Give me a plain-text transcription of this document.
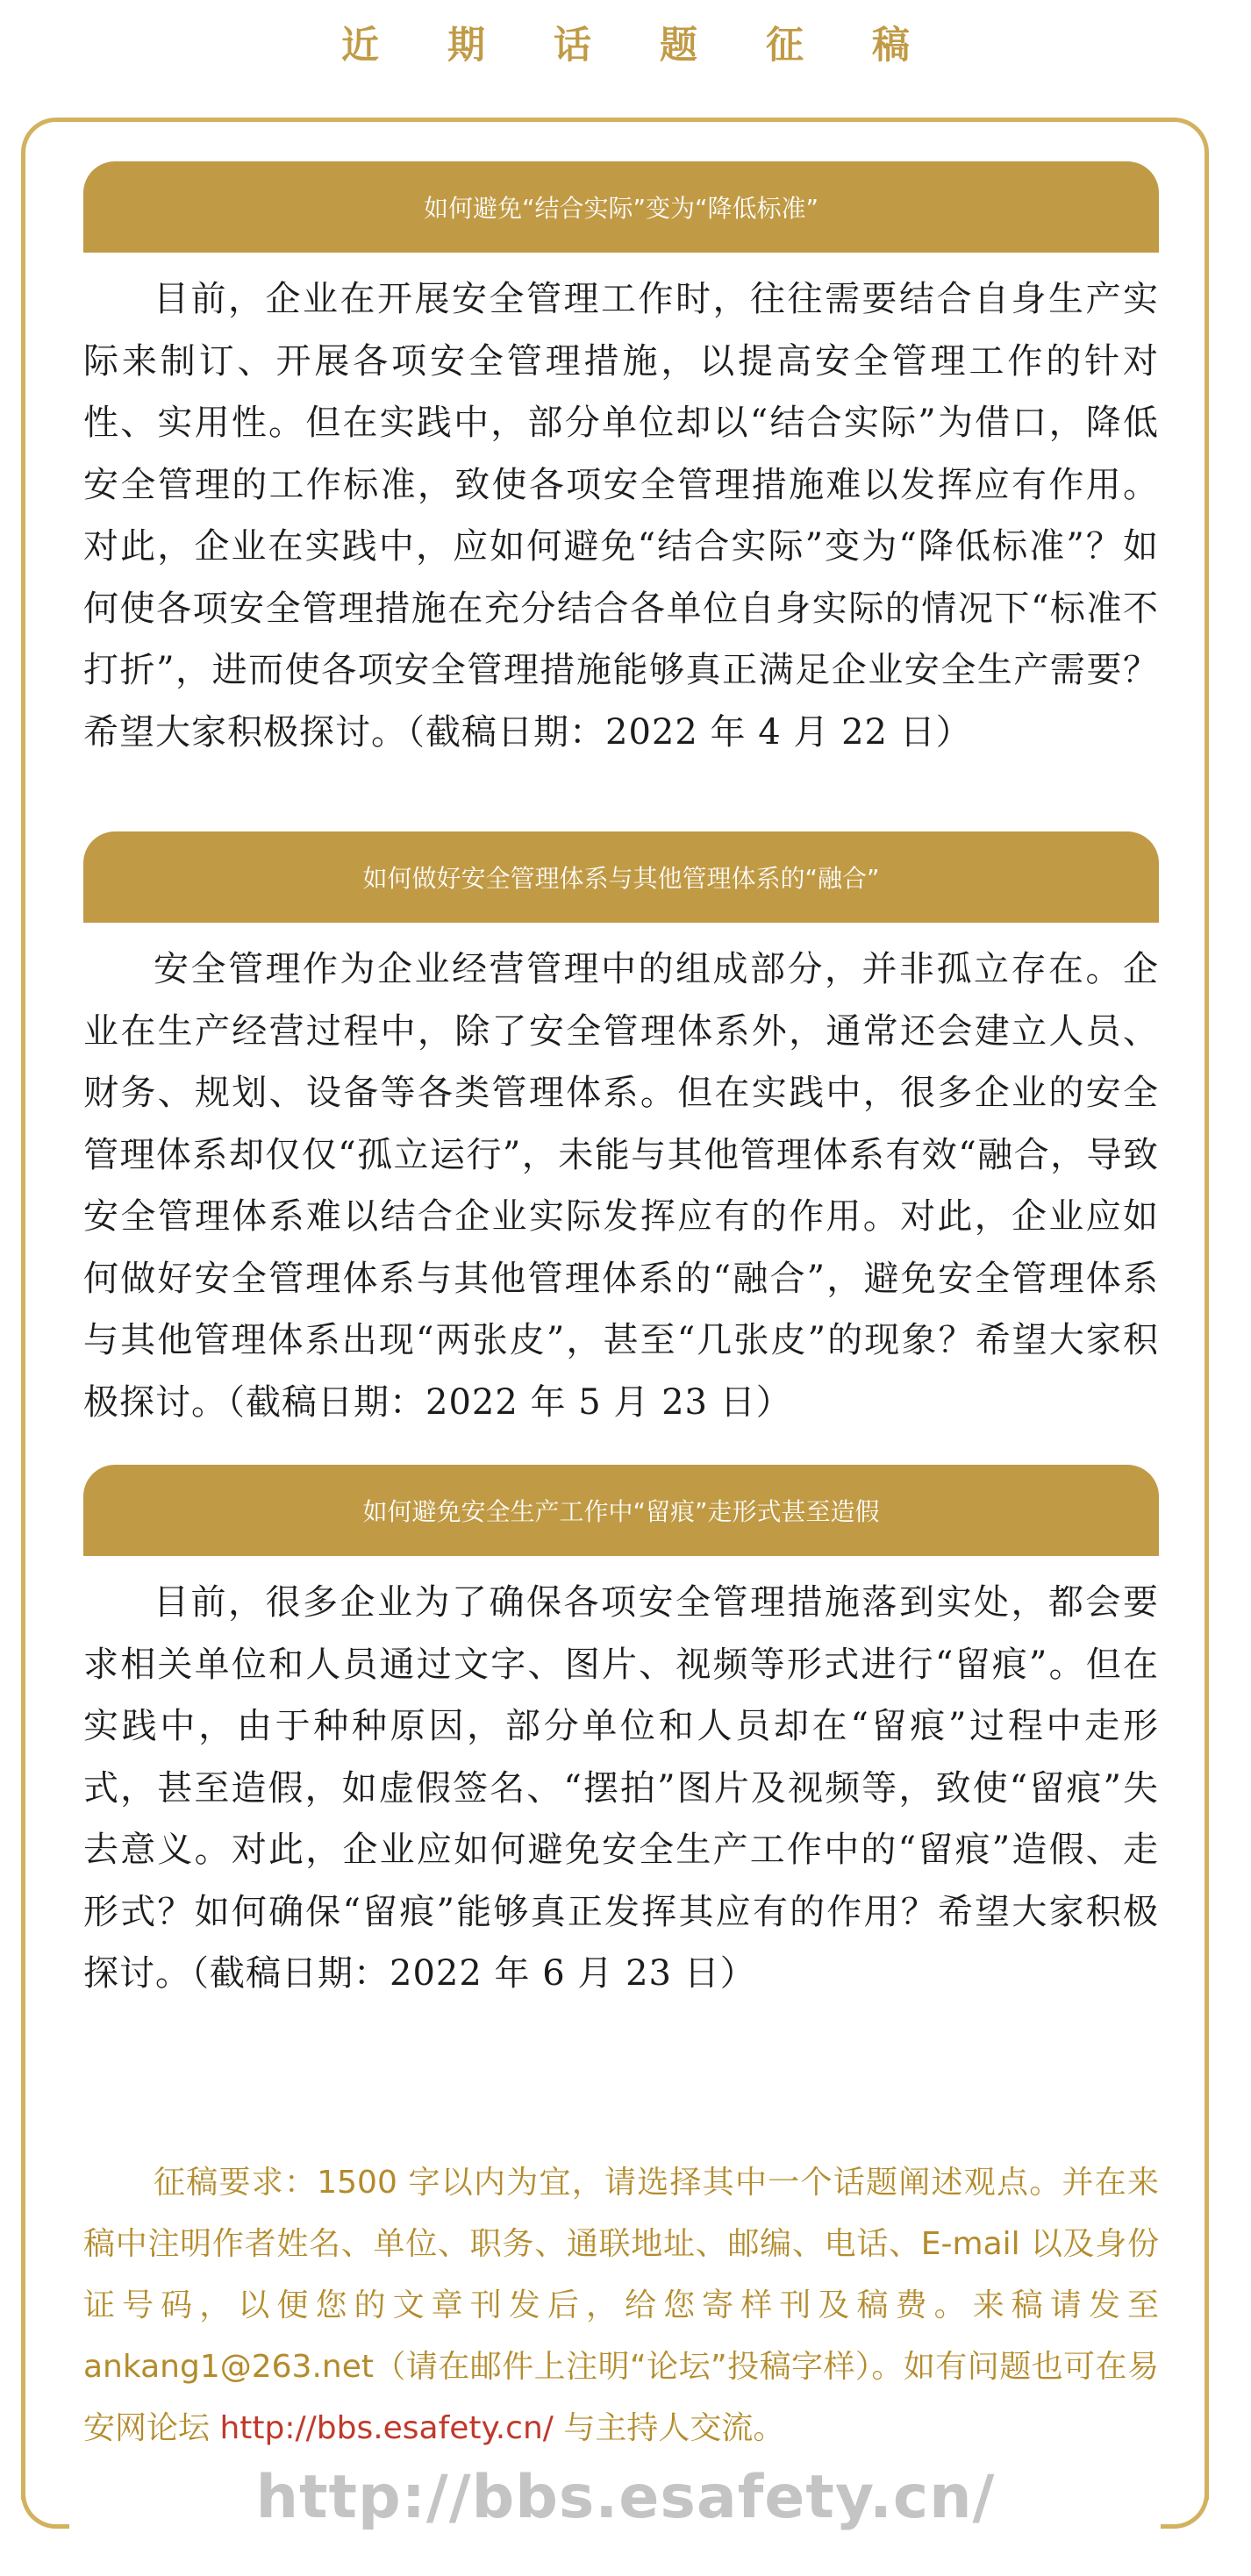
近期话题征稿
如何避免“结合实际”变为“降低标准”

目前，企业在开展安全管理工作时，往往需要结合自身生产实际来制订、开展各项安全管理措施，以提高安全管理工作的针对性、实用性。但在实践中，部分单位却以“结合实际”为借口，降低安全管理的工作标准，致使各项安全管理措施难以发挥应有作用。对此，企业在实践中，应如何避免“结合实际”变为“降低标准”？如何使各项安全管理措施在充分结合各单位自身实际的情况下“标准不打折”，进而使各项安全管理措施能够真正满足企业安全生产需要？希望大家积极探讨。（截稿日期：2022 年 4 月 22 日）

如何做好安全管理体系与其他管理体系的“融合”

安全管理作为企业经营管理中的组成部分，并非孤立存在。企业在生产经营过程中，除了安全管理体系外，通常还会建立人员、财务、规划、设备等各类管理体系。但在实践中，很多企业的安全管理体系却仅仅“孤立运行”，未能与其他管理体系有效“融合，导致安全管理体系难以结合企业实际发挥应有的作用。对此，企业应如何做好安全管理体系与其他管理体系的“融合”，避免安全管理体系与其他管理体系出现“两张皮”，甚至“几张皮”的现象？希望大家积极探讨。（截稿日期：2022 年 5 月 23 日）

如何避免安全生产工作中“留痕”走形式甚至造假

目前，很多企业为了确保各项安全管理措施落到实处，都会要求相关单位和人员通过文字、图片、视频等形式进行“留痕”。但在实践中，由于种种原因，部分单位和人员却在“留痕”过程中走形式，甚至造假，如虚假签名、“摆拍”图片及视频等，致使“留痕”失去意义。对此，企业应如何避免安全生产工作中的“留痕”造假、走形式？如何确保“留痕”能够真正发挥其应有的作用？希望大家积极探讨。（截稿日期：2022 年 6 月 23 日）

征稿要求：1500 字以内为宜，请选择其中一个话题阐述观点。并在来稿中注明作者姓名、单位、职务、通联地址、邮编、电话、E-mail 以及身份证号码，以便您的文章刊发后，给您寄样刊及稿费。来稿请发至 ankang1@263.net（请在邮件上注明“论坛”投稿字样）。如有问题也可在易安网论坛 http://bbs.esafety.cn/ 与主持人交流。

http://bbs.esafety.cn/
